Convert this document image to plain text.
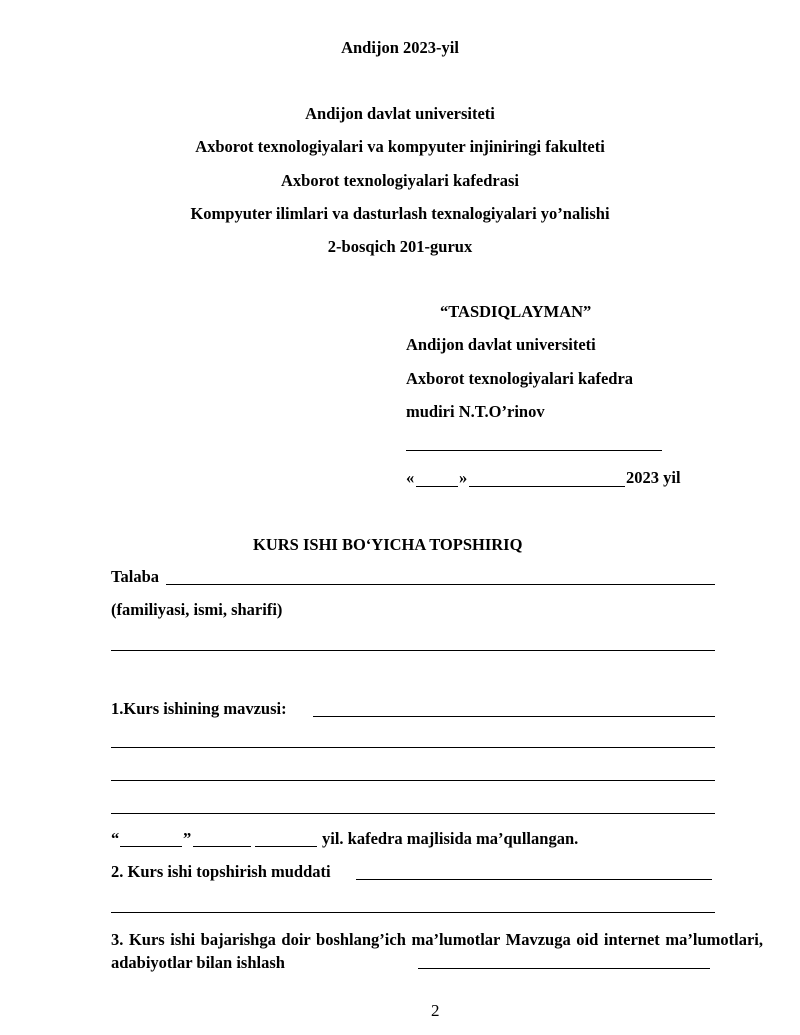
Andijon 2023-yil
Andijon davlat universiteti
Axborot texnologiyalari va kompyuter injiniringi fakulteti
Axborot texnologiyalari kafedrasi
Kompyuter ilimlari va dasturlash texnalogiyalari yo’nalishi
2-bosqich 201-gurux
“TASDIQLAYMAN”
Andijon davlat universiteti
Axborot texnologiyalari kafedra
mudiri N.T.O’rinov
«	»	2023 yil
KURS ISHI BO‘YICHA TOPSHIRIQ
Talaba
(familiyasi, ismi, sharifi)
1.Kurs ishining mavzusi:
“	”	yil. kafedra majlisida ma’qullangan.
2. Kurs ishi topshirish muddati
3. Kurs ishi bajarishga doir boshlang’ich ma’lumotlar Mavzuga oid internet ma’lumotlari, adabiyotlar bilan ishlash
2
